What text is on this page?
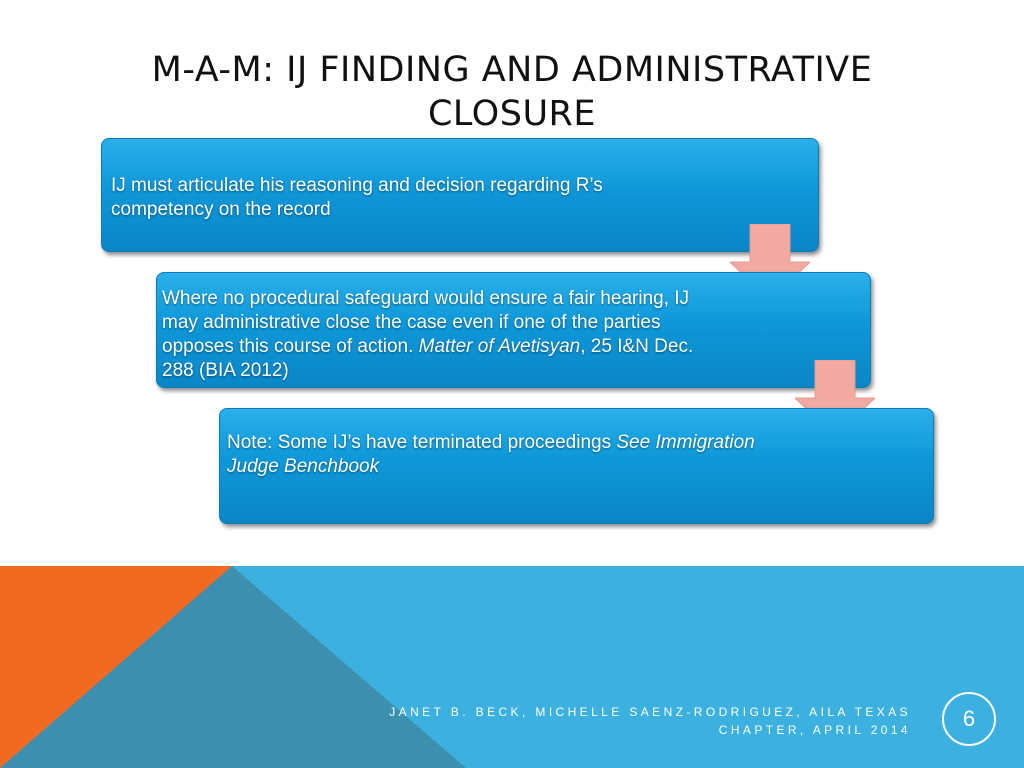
M-A-M: IJ FINDING AND ADMINISTRATIVE CLOSURE
IJ must articulate his reasoning and decision regarding R’s competency on the record
Where no procedural safeguard would ensure a fair hearing, IJ may administrative close the case even if one of the parties opposes this course of action. Matter of Avetisyan, 25 I&N Dec. 288 (BIA 2012)
Note: Some IJ’s have terminated proceedings See Immigration Judge Benchbook
JANET B. BECK, MICHELLE SAENZ-RODRIGUEZ, AILA TEXAS
CHAPTER, APRIL 2014	6
